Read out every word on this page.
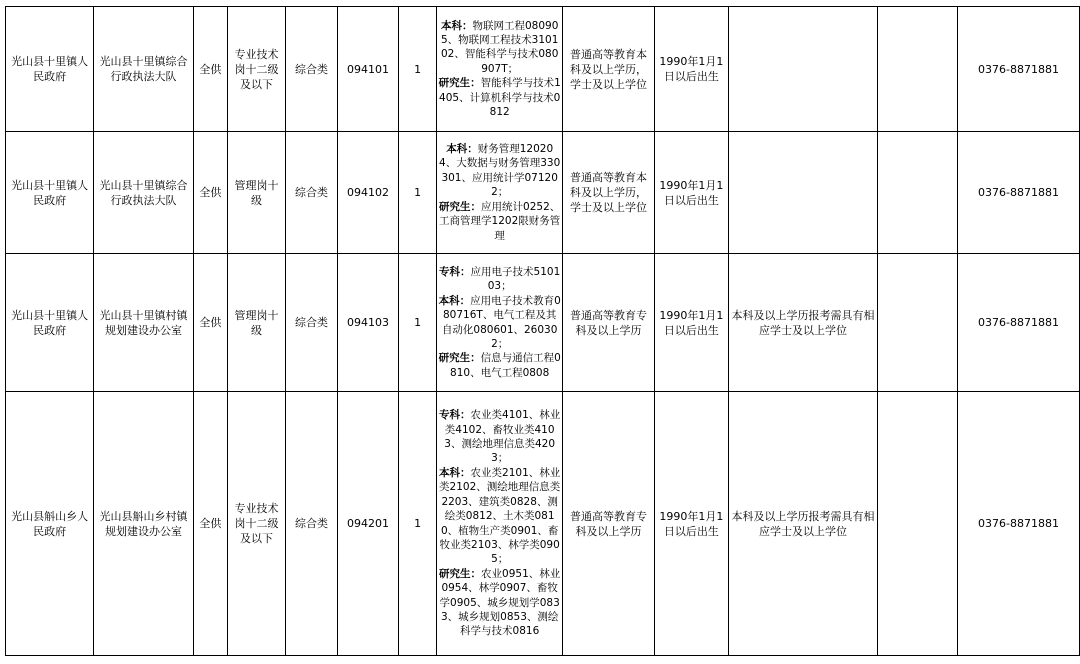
光山县十里镇人民政府	光山县十里镇综合行政执法大队	全供	专业技术岗十二级及以下	综合类	094101	1	本科：物联网工程080905、物联网工程技术310102、智能科学与技术080907T；
研究生：智能科学与技术1405、计算机科学与技术0812	普通高等教育本科及以上学历，学士及以上学位	1990年1月1日以后出生			0376-8871881
光山县十里镇人民政府	光山县十里镇综合行政执法大队	全供	管理岗十级	综合类	094102	1	本科：财务管理120204、大数据与财务管理330301、应用统计学071202；
研究生：应用统计0252、工商管理学1202限财务管理	普通高等教育本科及以上学历，学士及以上学位	1990年1月1日以后出生			0376-8871881
光山县十里镇人民政府	光山县十里镇村镇规划建设办公室	全供	管理岗十级	综合类	094103	1	专科：应用电子技术510103；
本科：应用电子技术教育080716T、电气工程及其自动化080601、260302；
研究生：信息与通信工程0810、电气工程0808	普通高等教育专科及以上学历	1990年1月1日以后出生	本科及以上学历报考需具有相应学士及以上学位		0376-8871881
光山县斛山乡人民政府	光山县斛山乡村镇规划建设办公室	全供	专业技术岗十二级及以下	综合类	094201	1	专科：农业类4101、林业类4102、畜牧业类4103、测绘地理信息类4203；
本科：农业类2101、林业类2102、测绘地理信息类2203、建筑类0828、测绘类0812、土木类0810、植物生产类0901、畜牧业类2103、林学类0905；
研究生：农业0951、林业0954、林学0907、畜牧学0905、城乡规划学0833、城乡规划0853、测绘科学与技术0816	普通高等教育专科及以上学历	1990年1月1日以后出生	本科及以上学历报考需具有相应学士及以上学位		0376-8871881
